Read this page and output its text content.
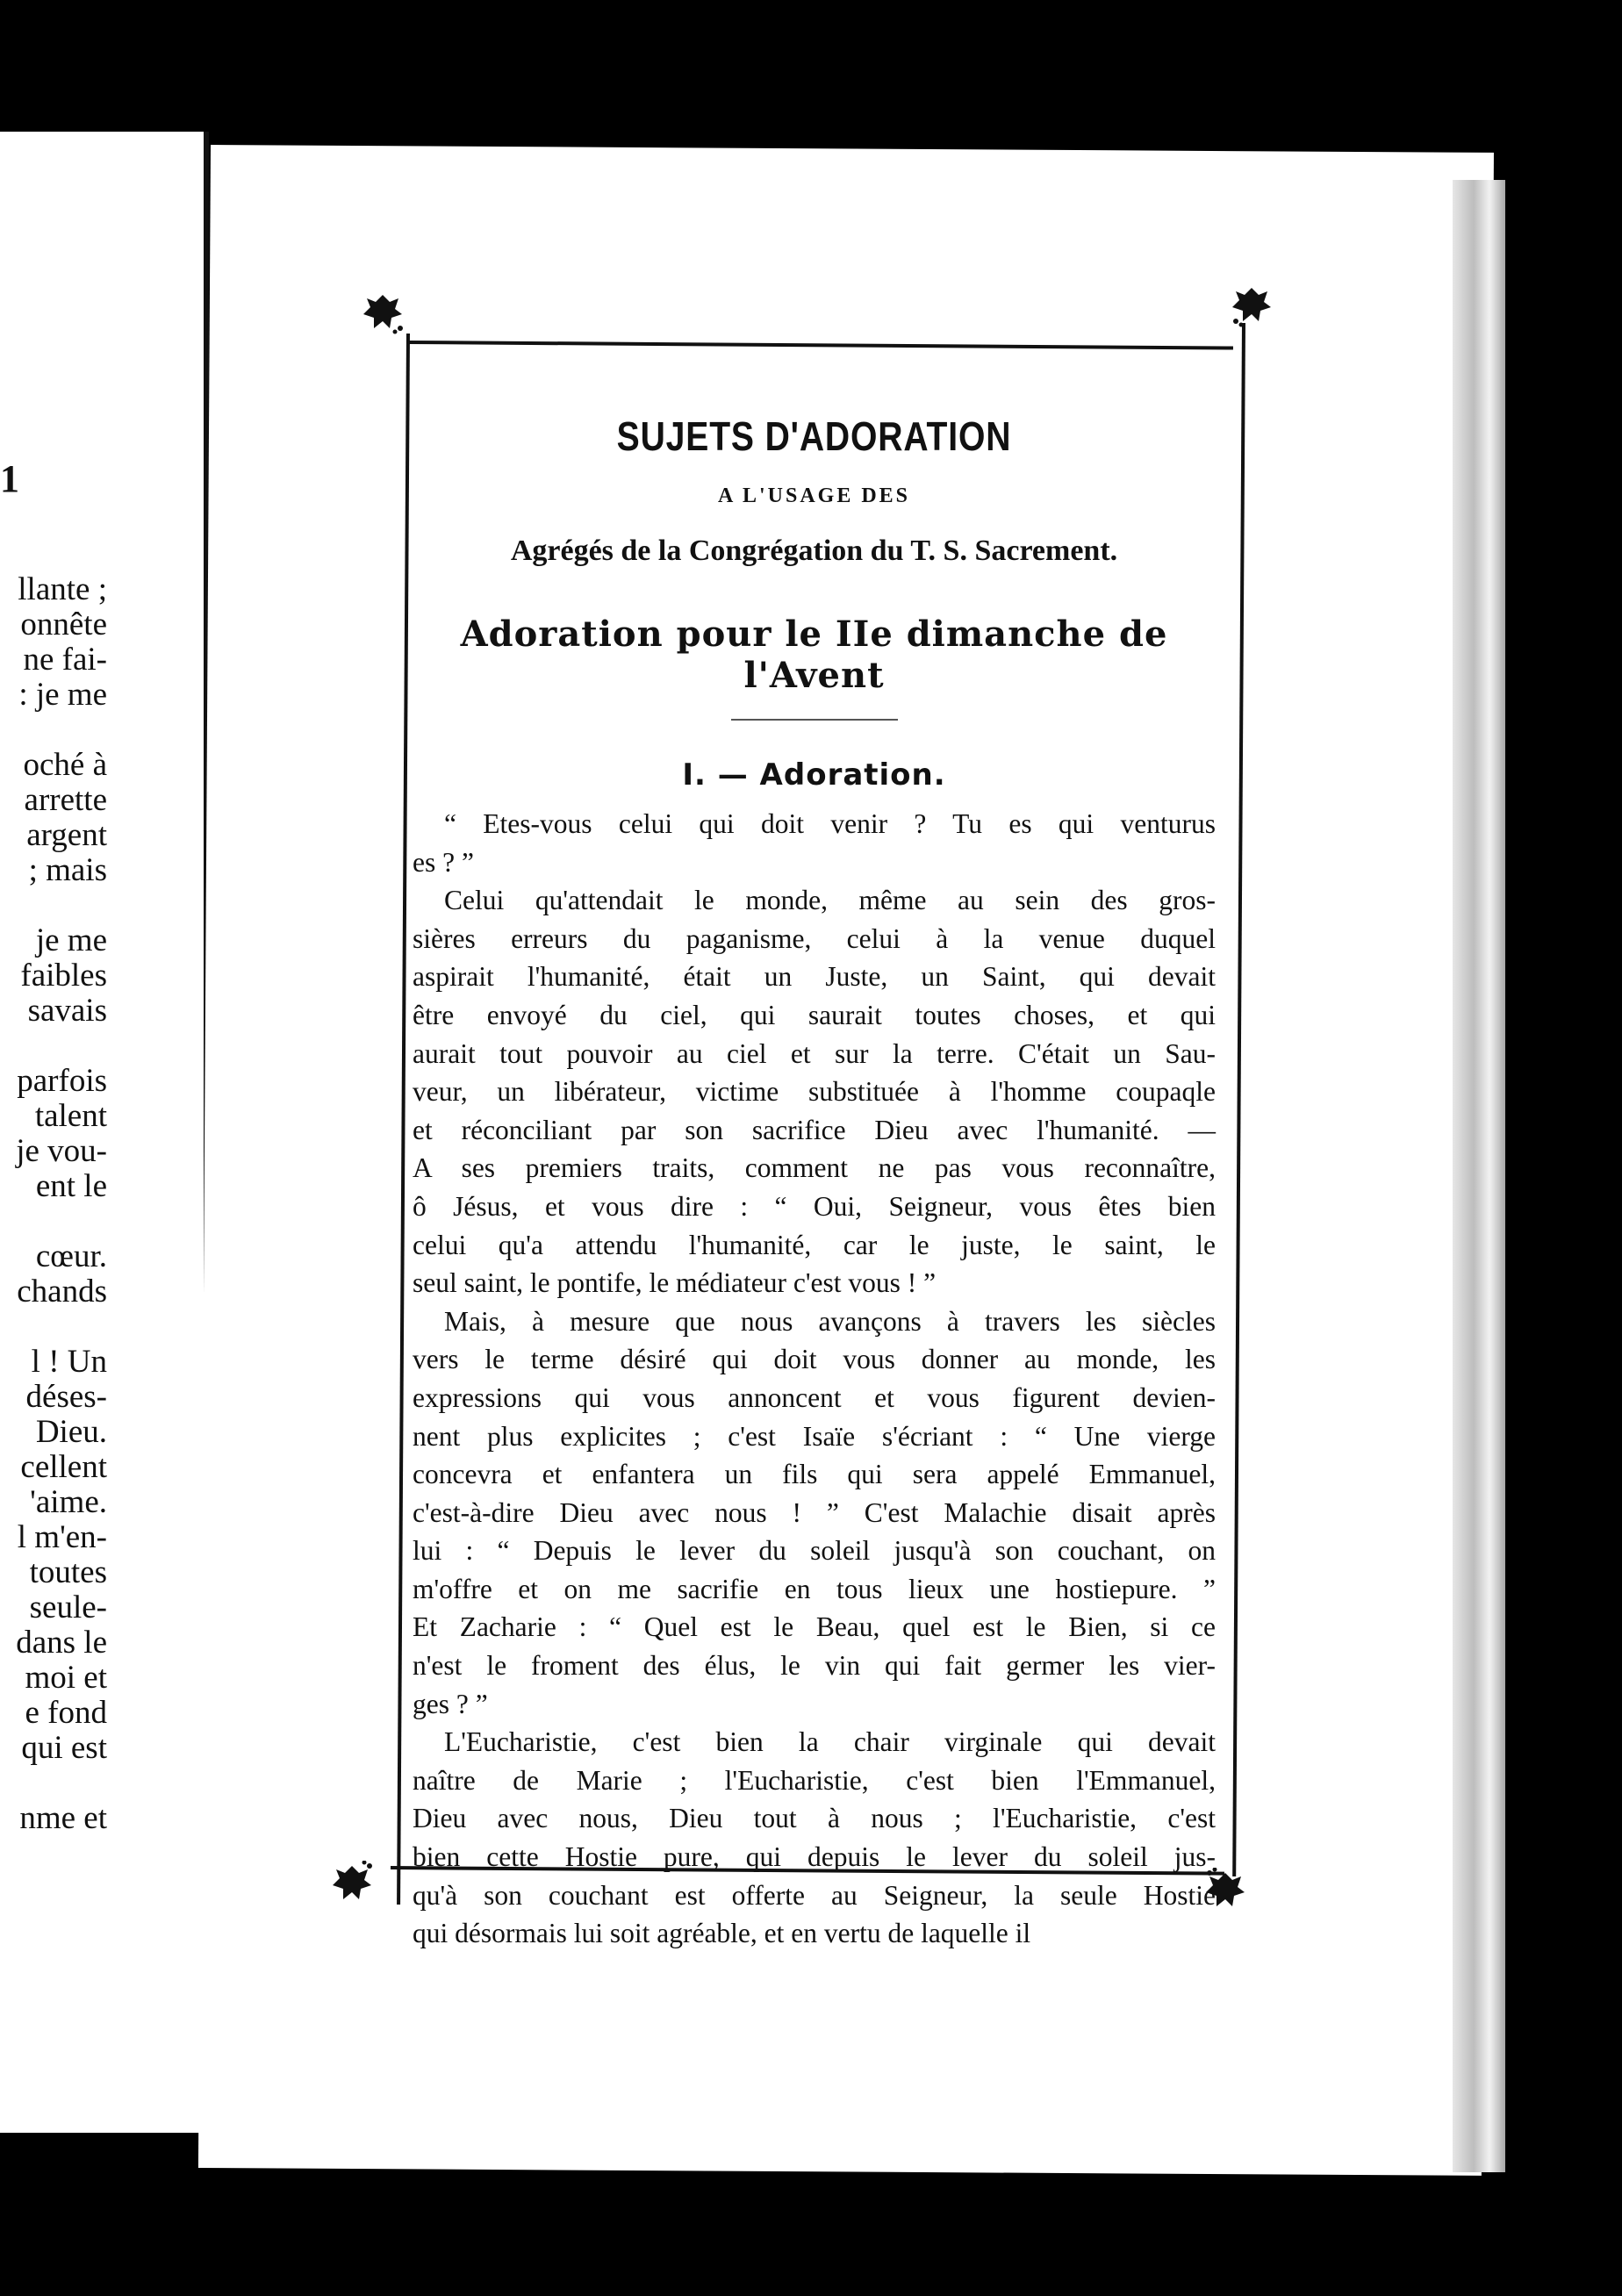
SUJETS D'ADORATION
A L'USAGE DES
Agrégés de la Congrégation du T. S. Sacrement.
Adoration pour le IIe dimanche de l'Avent
I. — Adoration.
“ Etes-vous celui qui doit venir ? Tu es qui venturus
es ? ”
Celui qu'attendait le monde, même au sein des gros-
sières erreurs du paganisme, celui à la venue duquel
aspirait l'humanité, était un Juste, un Saint, qui devait
être envoyé du ciel, qui saurait toutes choses, et qui
aurait tout pouvoir au ciel et sur la terre. C'était un Sau-
veur, un libérateur, victime substituée à l'homme coupaqle
et réconciliant par son sacrifice Dieu avec l'humanité. —
A ses premiers traits, comment ne pas vous reconnaître,
ô Jésus, et vous dire : “ Oui, Seigneur, vous êtes bien
celui qu'a attendu l'humanité, car le juste, le saint, le
seul saint, le pontife, le médiateur c'est vous ! ”
Mais, à mesure que nous avançons à travers les siècles
vers le terme désiré qui doit vous donner au monde, les
expressions qui vous annoncent et vous figurent devien-
nent plus explicites ; c'est Isaïe s'écriant : “ Une vierge
concevra et enfantera un fils qui sera appelé Emmanuel,
c'est-à-dire Dieu avec nous ! ” C'est Malachie disait après
lui : “ Depuis le lever du soleil jusqu'à son couchant, on
m'offre et on me sacrifie en tous lieux une hostiepure. ”
Et Zacharie : “ Quel est le Beau, quel est le Bien, si ce
n'est le froment des élus, le vin qui fait germer les vier-
ges ? ”
L'Eucharistie, c'est bien la chair virginale qui devait
naître de Marie ; l'Eucharistie, c'est bien l'Emmanuel,
Dieu avec nous, Dieu tout à nous ; l'Eucharistie, c'est
bien cette Hostie pure, qui depuis le lever du soleil jus-
qu'à son couchant est offerte au Seigneur, la seule Hostie
qui désormais lui soit agréable, et en vertu de laquelle il
1
llante ;
onnête
ne fai-
: je me
oché à
arrette
argent
; mais
je me
faibles
savais
parfois
talent
je vou-
ent le
cœur.
chands
l ! Un
déses-
Dieu.
cellent
'aime.
l m'en-
toutes
seule-
dans le
moi et
e fond
qui est
nme et
